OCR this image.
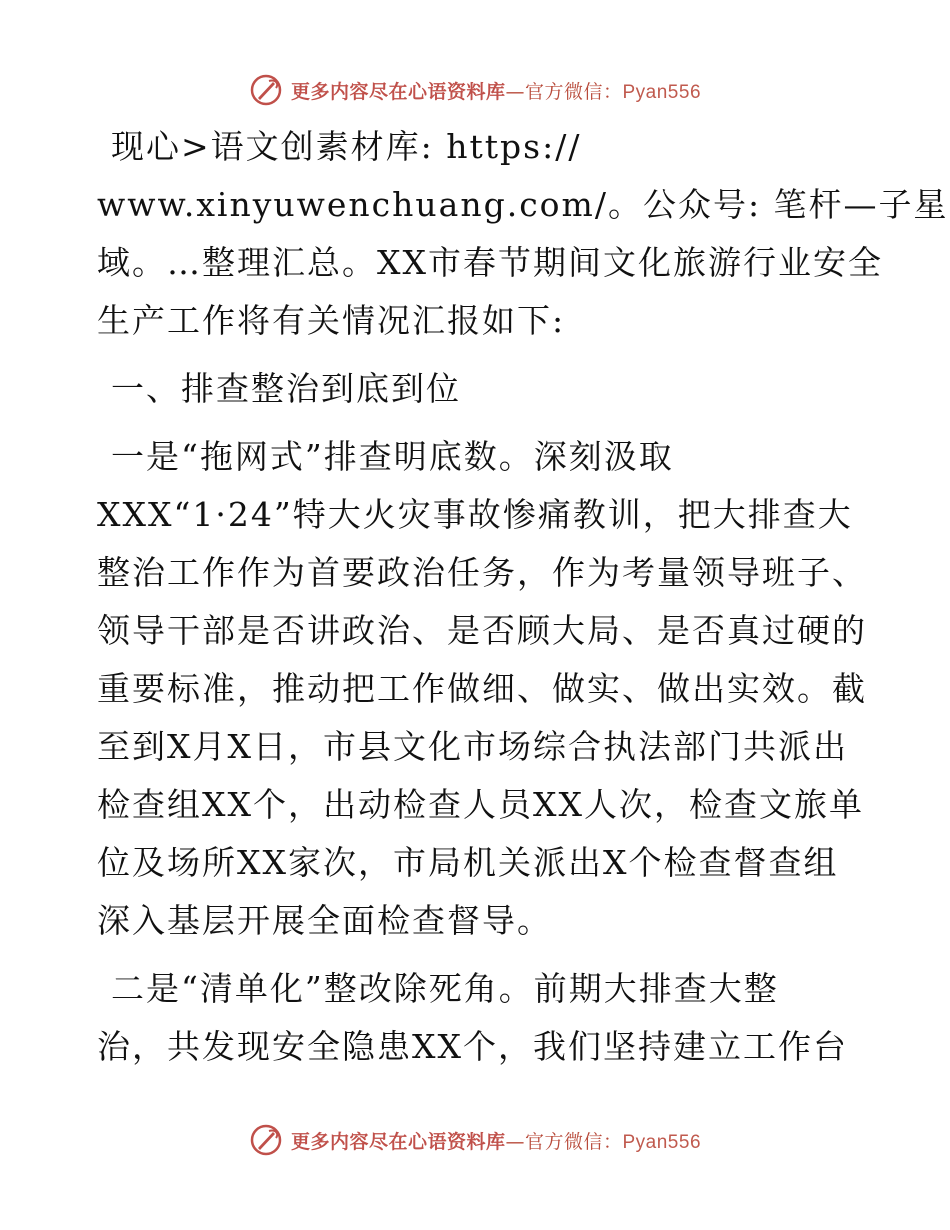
更多内容尽在心语资料库—官方微信：Pyan556
现心>语文创素材库: https://
www.xinyuwenchuang.com/。公众号: 笔杆—子星
域。…整理汇总。XX市春节期间文化旅游行业安全
生产工作将有关情况汇报如下:
一、排查整治到底到位
一是“拖网式”排查明底数。深刻汲取
XXX“1·24”特大火灾事故惨痛教训，把大排查大
整治工作作为首要政治任务，作为考量领导班子、
领导干部是否讲政治、是否顾大局、是否真过硬的
重要标准，推动把工作做细、做实、做出实效。截
至到X月X日，市县文化市场综合执法部门共派出
检查组XX个，出动检查人员XX人次，检查文旅单
位及场所XX家次，市局机关派出X个检查督查组
深入基层开展全面检查督导。
二是“清单化”整改除死角。前期大排查大整
治，共发现安全隐患XX个，我们坚持建立工作台
更多内容尽在心语资料库—官方微信：Pyan556
